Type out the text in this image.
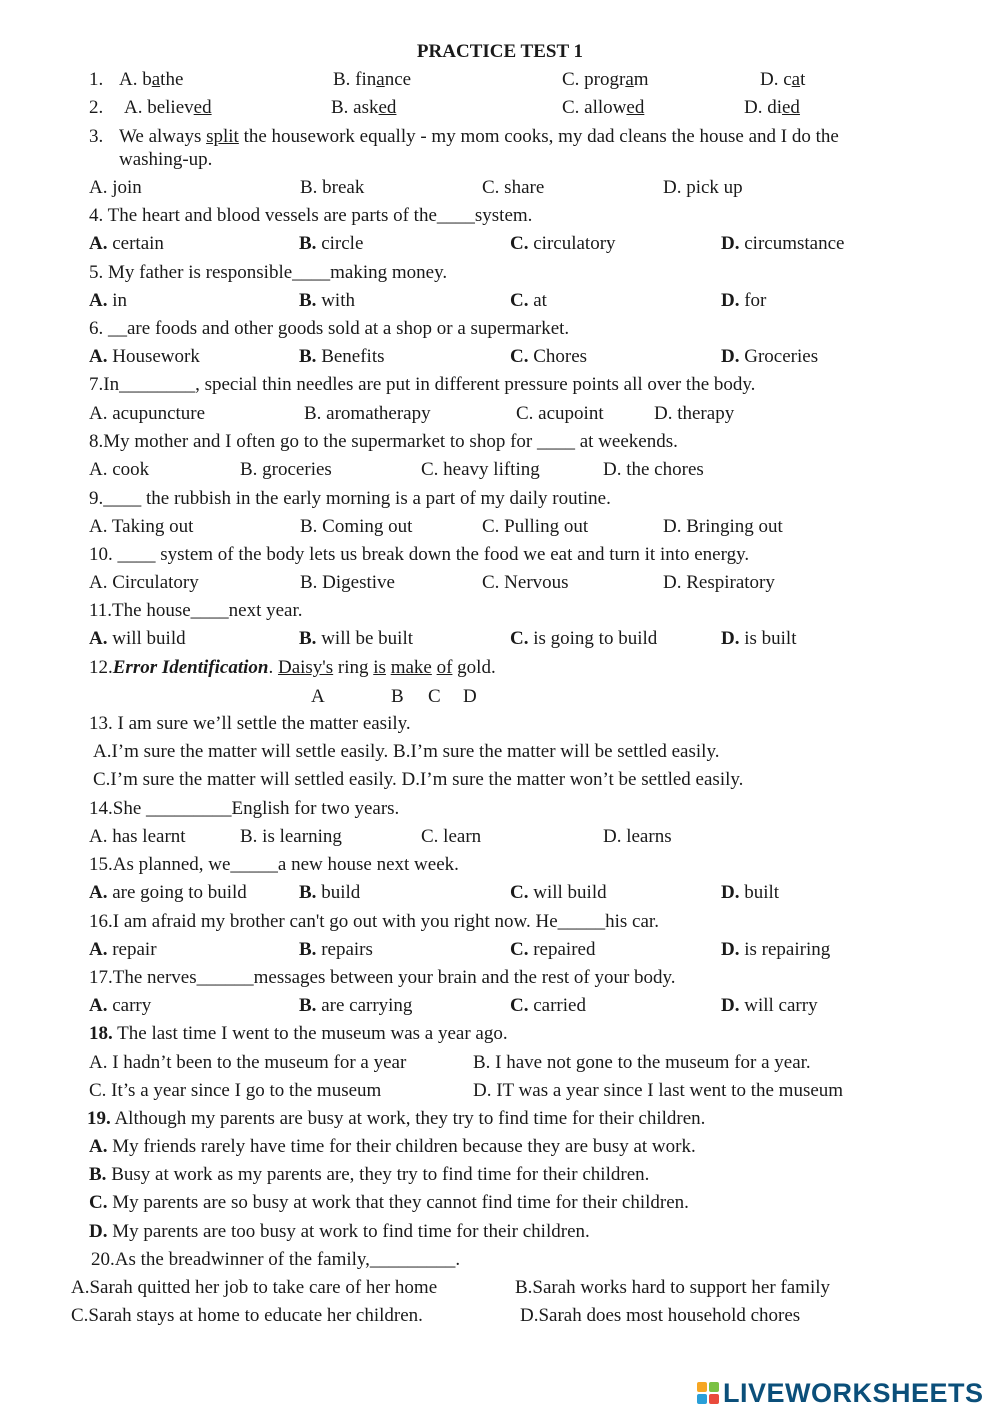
PRACTICE TEST 1
1. A. bathe	B. finance	C. program	D. cat
2. A. believed	B. asked	C. allowed	D. died
3. We always split the housework equally - my mom cooks, my dad cleans the house and I do the
washing-up.
A. join	B. break	C. share	D. pick up
4. The heart and blood vessels are parts of the____system.
A. certain	B. circle	C. circulatory	D. circumstance
5. My father is responsible____making money.
A. in	B. with	C. at	D. for
6. __are foods and other goods sold at a shop or a supermarket.
A. Housework	B. Benefits	C. Chores	D. Groceries
7.In________, special thin needles are put in different pressure points all over the body.
A. acupuncture	B. aromatherapy	C. acupoint	D. therapy
8.My mother and I often go to the supermarket to shop for ____ at weekends.
A. cook	B. groceries	C. heavy lifting	D. the chores
9.____ the rubbish in the early morning is a part of my daily routine.
A. Taking out	B. Coming out	C. Pulling out	D. Bringing out
10. ____ system of the body lets us break down the food we eat and turn it into energy.
A. Circulatory	B. Digestive	C. Nervous	D. Respiratory
11.The house____next year.
A. will build	B. will be built	C. is going to build	D. is built
12.Error Identification. Daisy's ring is make of gold.
A	B C D
13. I am sure we’ll settle the matter easily.
A.I’m sure the matter will settle easily. B.I’m sure the matter will be settled easily.
C.I’m sure the matter will settled easily. D.I’m sure the matter won’t be settled easily.
14.She _________English for two years.
A. has learnt	B. is learning	C. learn	D. learns
15.As planned, we_____a new house next week.
A. are going to build	B. build	C. will build	D. built
16.I am afraid my brother can't go out with you right now. He_____his car.
A. repair	B. repairs	C. repaired	D. is repairing
17.The nerves______messages between your brain and the rest of your body.
A. carry	B. are carrying	C. carried	D. will carry
18. The last time I went to the museum was a year ago.
A. I hadn’t been to the museum for a year	B. I have not gone to the museum for a year.
C. It’s a year since I go to the museum	D. IT was a year since I last went to the museum
19. Although my parents are busy at work, they try to find time for their children.
A. My friends rarely have time for their children because they are busy at work.
B. Busy at work as my parents are, they try to find time for their children.
C. My parents are so busy at work that they cannot find time for their children.
D. My parents are too busy at work to find time for their children.
20.As the breadwinner of the family,_________.
A.Sarah quitted her job to take care of her home	B.Sarah works hard to support her family
C.Sarah stays at home to educate her children.	D.Sarah does most household chores
LIVEWORKSHEETS
